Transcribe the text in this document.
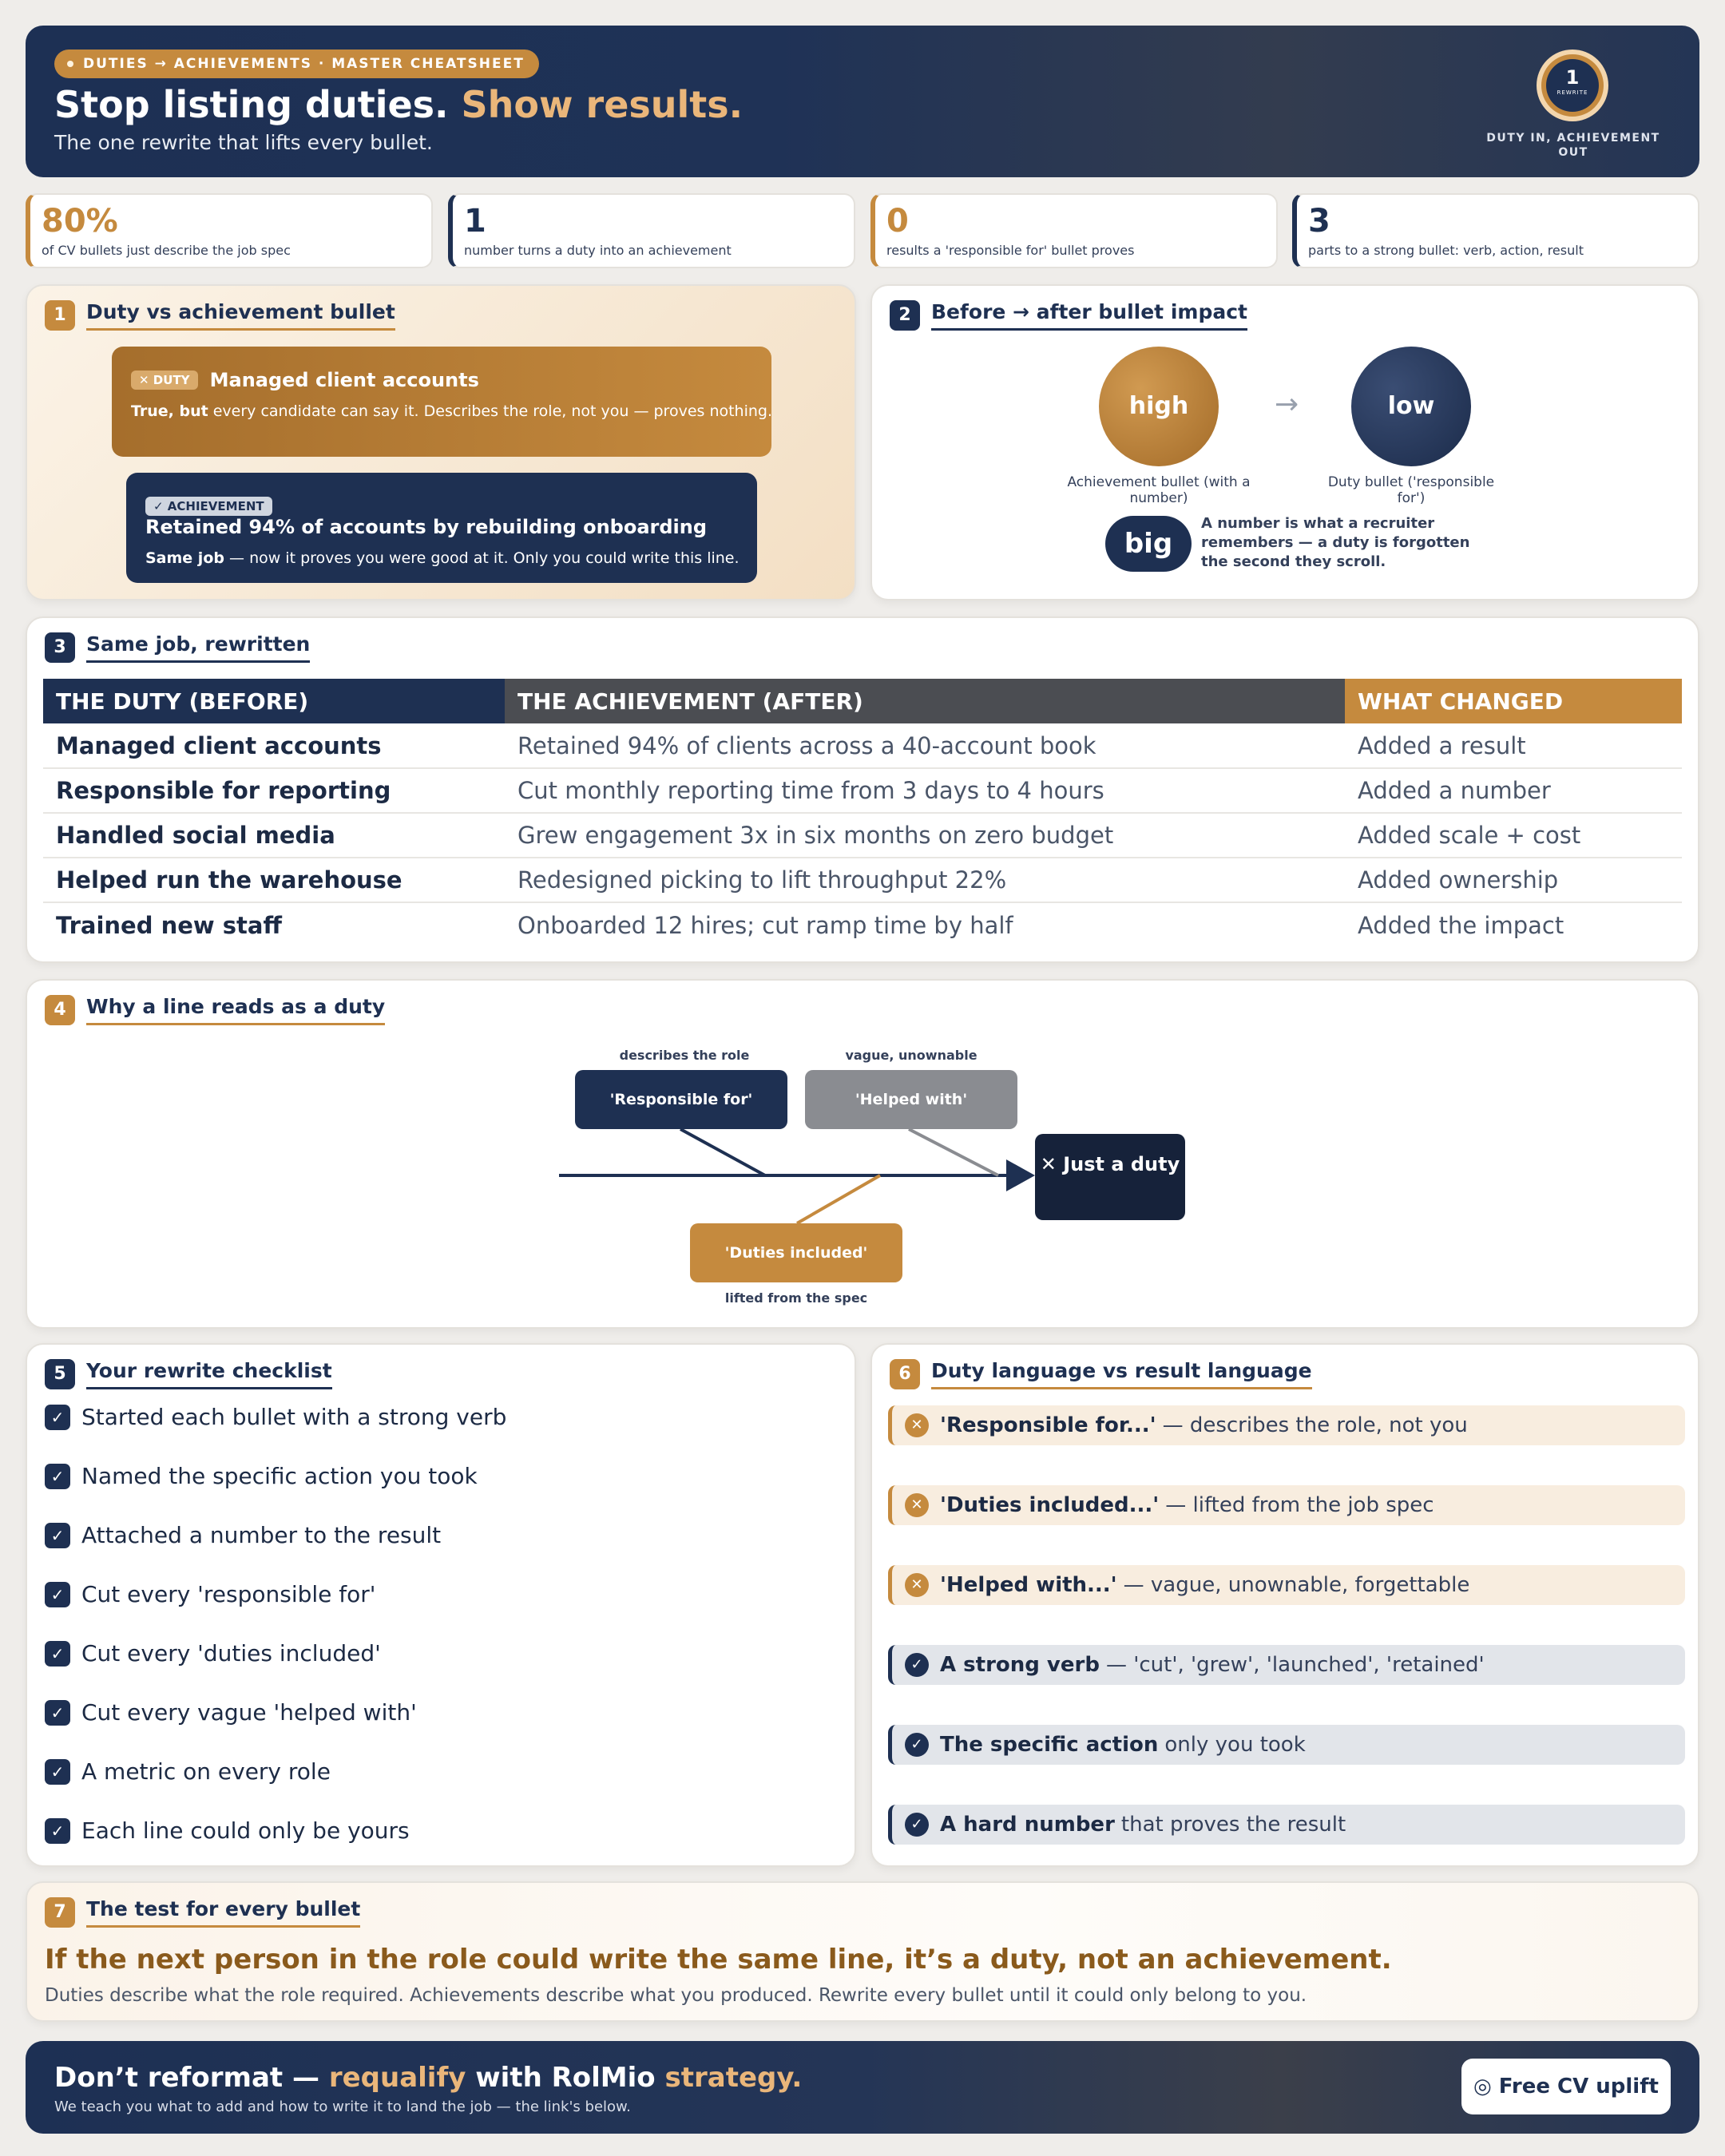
DUTIES → ACHIEVEMENTS · MASTER CHEATSHEET
Stop listing duties. Show results.
The one rewrite that lifts every bullet.
1
REWRITE
DUTY IN, ACHIEVEMENT OUT
80%
of CV bullets just describe the job spec
1
number turns a duty into an achievement
0
results a 'responsible for' bullet proves
3
parts to a strong bullet: verb, action, result
1	Duty vs achievement bullet
✕ DUTY Managed client accounts
True, but every candidate can say it. Describes the role, not you — proves nothing.
✓ ACHIEVEMENT Retained 94% of accounts by rebuilding onboarding
Same job — now it proves you were good at it. Only you could write this line.
2	Before → after bullet impact
high	→	low
Achievement bullet (with a number)
Duty bullet ('responsible for')
big
A number is what a recruiter remembers — a duty is forgotten the second they scroll.
3	Same job, rewritten
THE DUTY (BEFORE)	THE ACHIEVEMENT (AFTER)	WHAT CHANGED
Managed client accounts	Retained 94% of clients across a 40-account book	Added a result
Responsible for reporting	Cut monthly reporting time from 3 days to 4 hours	Added a number
Handled social media	Grew engagement 3x in six months on zero budget	Added scale + cost
Helped run the warehouse	Redesigned picking to lift throughput 22%	Added ownership
Trained new staff	Onboarded 12 hires; cut ramp time by half	Added the impact
4	Why a line reads as a duty
describes the role
'Responsible for'
vague, unownable
'Helped with'
'Duties included'
lifted from the spec
✕ Just a duty
5	Your rewrite checklist
✓ Started each bullet with a strong verb
✓ Named the specific action you took
✓ Attached a number to the result
✓ Cut every 'responsible for'
✓ Cut every 'duties included'
✓ Cut every vague 'helped with'
✓ A metric on every role
✓ Each line could only be yours
6	Duty language vs result language
✕ 'Responsible for...' — describes the role, not you
✕ 'Duties included...' — lifted from the job spec
✕ 'Helped with...' — vague, unownable, forgettable
✓ A strong verb — 'cut', 'grew', 'launched', 'retained'
✓ The specific action only you took
✓ A hard number that proves the result
7	The test for every bullet
If the next person in the role could write the same line, it’s a duty, not an achievement.
Duties describe what the role required. Achievements describe what you produced. Rewrite every bullet until it could only belong to you.
Don’t reformat — requalify with RolMio strategy.
We teach you what to add and how to write it to land the job — the link's below.
◎ Free CV uplift
